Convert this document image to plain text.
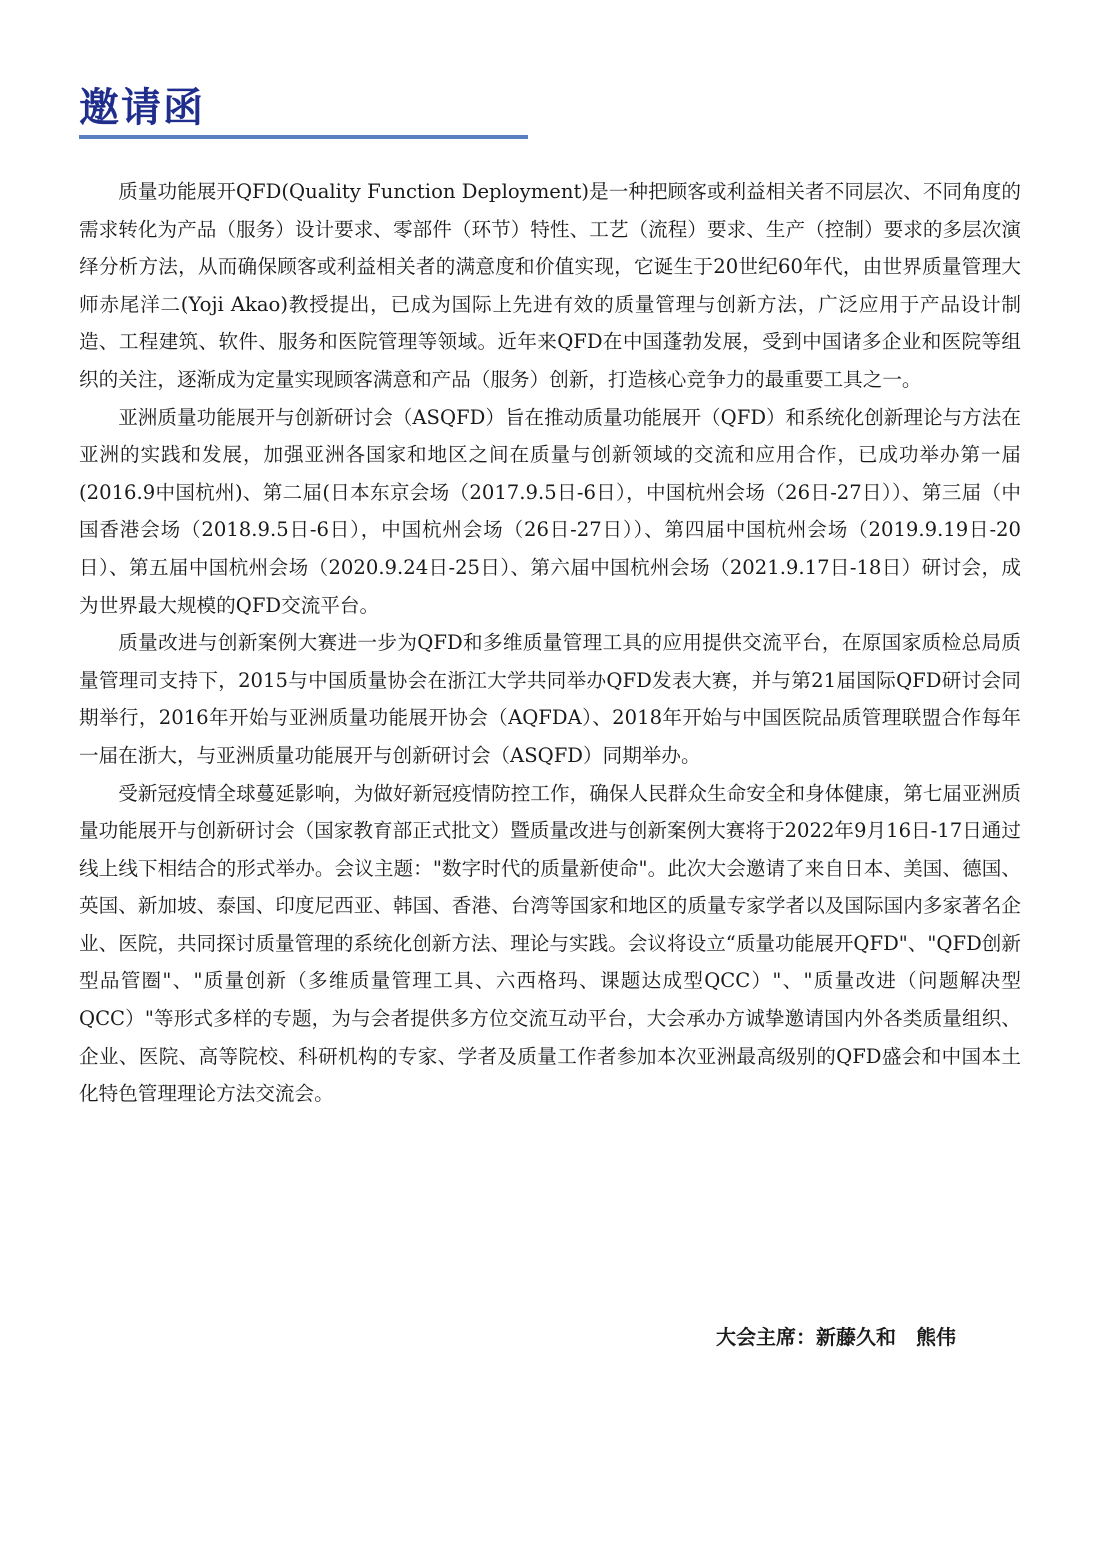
邀请函

质量功能展开QFD(Quality Function Deployment)是一种把顾客或利益相关者不同层次、不同角度的需求转化为产品（服务）设计要求、零部件（环节）特性、工艺（流程）要求、生产（控制）要求的多层次演绎分析方法，从而确保顾客或利益相关者的满意度和价值实现，它诞生于20世纪60年代，由世界质量管理大师赤尾洋二(Yoji Akao)教授提出，已成为国际上先进有效的质量管理与创新方法，广泛应用于产品设计制造、工程建筑、软件、服务和医院管理等领域。近年来QFD在中国蓬勃发展，受到中国诸多企业和医院等组织的关注，逐渐成为定量实现顾客满意和产品（服务）创新，打造核心竞争力的最重要工具之一。

亚洲质量功能展开与创新研讨会（ASQFD）旨在推动质量功能展开（QFD）和系统化创新理论与方法在亚洲的实践和发展，加强亚洲各国家和地区之间在质量与创新领域的交流和应用合作，已成功举办第一届(2016.9中国杭州)、第二届(日本东京会场（2017.9.5日-6日），中国杭州会场（26日-27日））、第三届（中国香港会场（2018.9.5日-6日），中国杭州会场（26日-27日））、第四届中国杭州会场（2019.9.19日-20日）、第五届中国杭州会场（2020.9.24日-25日）、第六届中国杭州会场（2021.9.17日-18日）研讨会，成为世界最大规模的QFD交流平台。

质量改进与创新案例大赛进一步为QFD和多维质量管理工具的应用提供交流平台，在原国家质检总局质量管理司支持下，2015与中国质量协会在浙江大学共同举办QFD发表大赛，并与第21届国际QFD研讨会同期举行，2016年开始与亚洲质量功能展开协会（AQFDA）、2018年开始与中国医院品质管理联盟合作每年一届在浙大，与亚洲质量功能展开与创新研讨会（ASQFD）同期举办。

受新冠疫情全球蔓延影响，为做好新冠疫情防控工作，确保人民群众生命安全和身体健康，第七届亚洲质量功能展开与创新研讨会（国家教育部正式批文）暨质量改进与创新案例大赛将于2022年9月16日-17日通过线上线下相结合的形式举办。会议主题："数字时代的质量新使命"。此次大会邀请了来自日本、美国、德国、英国、新加坡、泰国、印度尼西亚、韩国、香港、台湾等国家和地区的质量专家学者以及国际国内多家著名企业、医院，共同探讨质量管理的系统化创新方法、理论与实践。会议将设立“质量功能展开QFD"、"QFD创新型品管圈"、"质量创新（多维质量管理工具、六西格玛、课题达成型QCC）"、"质量改进（问题解决型QCC）"等形式多样的专题，为与会者提供多方位交流互动平台，大会承办方诚挚邀请国内外各类质量组织、企业、医院、高等院校、科研机构的专家、学者及质量工作者参加本次亚洲最高级别的QFD盛会和中国本土化特色管理理论方法交流会。

大会主席：新藤久和　熊伟
